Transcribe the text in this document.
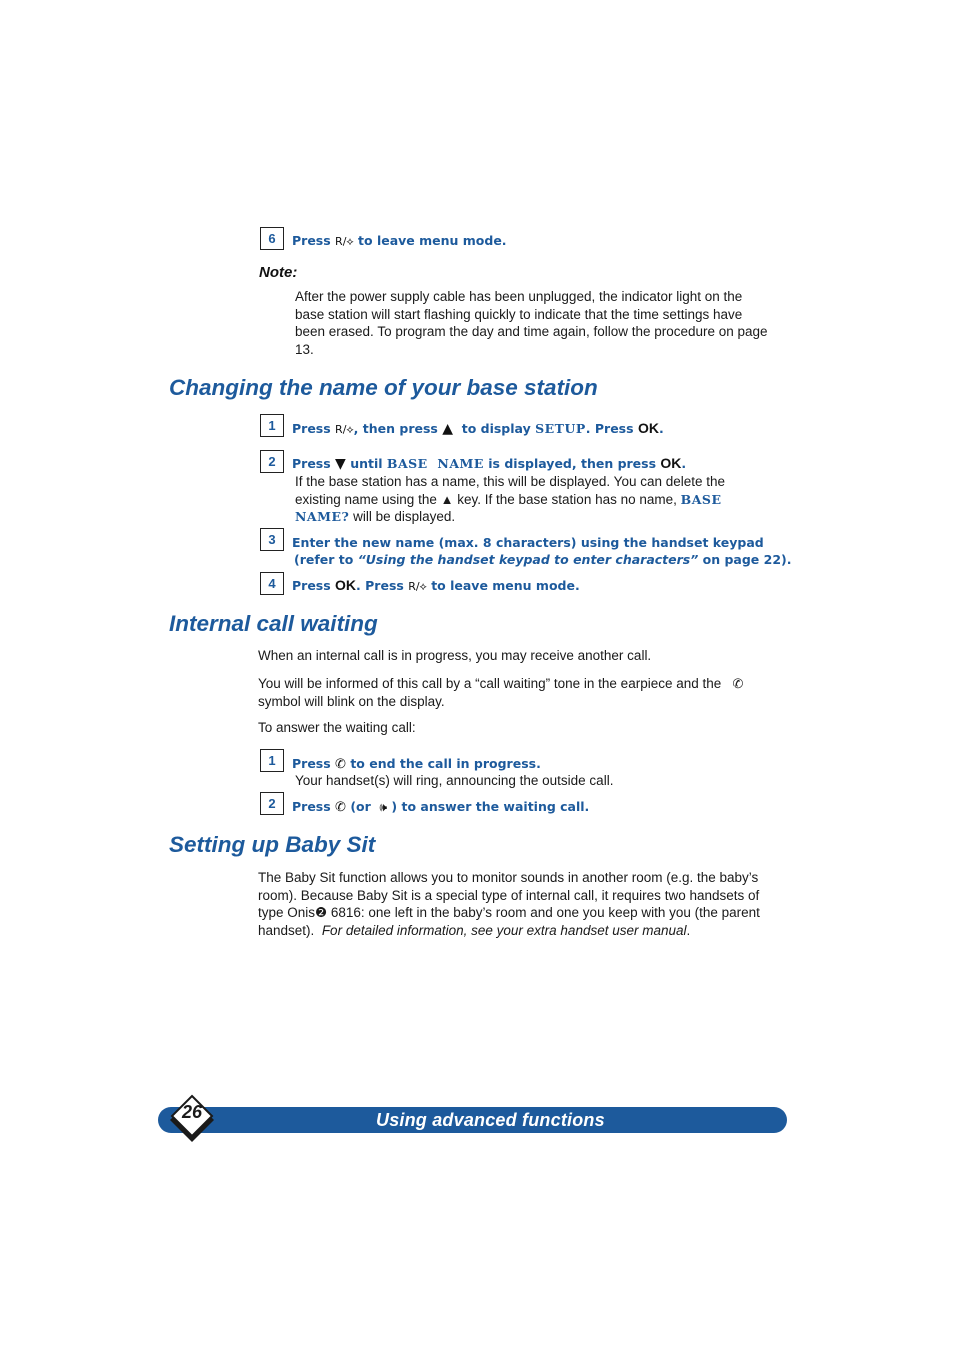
6 Press R/⟡ to leave menu mode.
Note:
After the power supply cable has been unplugged, the indicator light on the base station will start flashing quickly to indicate that the time settings have been erased. To program the day and time again, follow the procedure on page 13.
Changing the name of your base station
1 Press R/⟡, then press ▲ to display SETUP. Press OK.
2 Press ▼ until BASE  NAME is displayed, then press OK.
If the base station has a name, this will be displayed. You can delete the existing name using the ▲ key. If the base station has no name, BASE NAME? will be displayed.
3 Enter the new name (max. 8 characters) using the handset keypad
(refer to “Using the handset keypad to enter characters” on page 22).
4 Press OK. Press R/⟡ to leave menu mode.
Internal call waiting
When an internal call is in progress, you may receive another call.
You will be informed of this call by a “call waiting” tone in the earpiece and the ✆ symbol will blink on the display.
To answer the waiting call:
1 Press ✆ to end the call in progress.
Your handset(s) will ring, announcing the outside call.
2 Press ✆ (or 🕪 ) to answer the waiting call.
Setting up Baby Sit
The Baby Sit function allows you to monitor sounds in another room (e.g. the baby’s room). Because Baby Sit is a special type of internal call, it requires two handsets of type Onis❷ 6816: one left in the baby’s room and one you keep with you (the parent handset). For detailed information, see your extra handset user manual.
Using advanced functions
26
